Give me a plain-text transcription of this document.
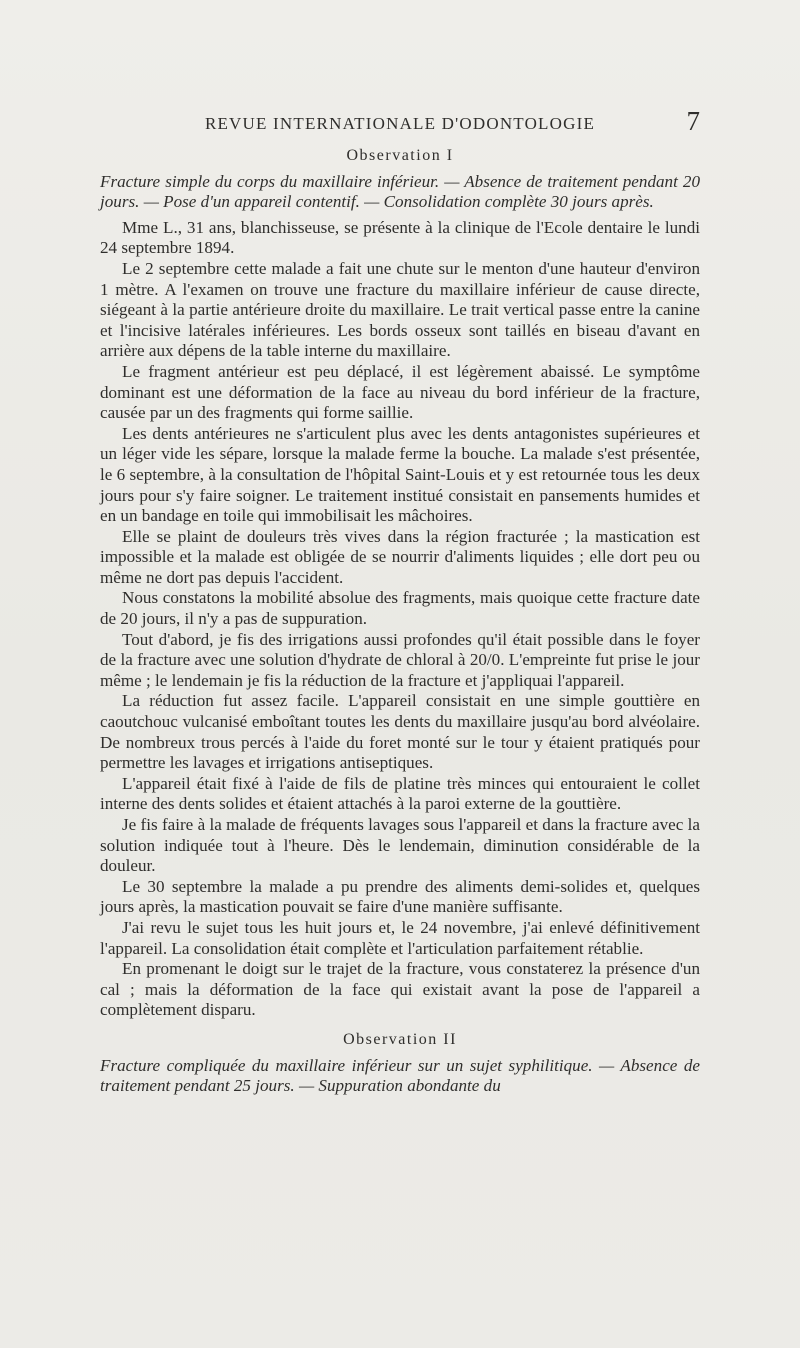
REVUE INTERNATIONALE D'ODONTOLOGIE	7
Observation I

Fracture simple du corps du maxillaire inférieur. — Absence de traitement pendant 20 jours. — Pose d'un appareil contentif. — Consolidation complète 30 jours après.

Mme L., 31 ans, blanchisseuse, se présente à la clinique de l'Ecole dentaire le lundi 24 septembre 1894.

Le 2 septembre cette malade a fait une chute sur le menton d'une hauteur d'environ 1 mètre. A l'examen on trouve une fracture du maxillaire inférieur de cause directe, siégeant à la partie antérieure droite du maxillaire. Le trait vertical passe entre la canine et l'incisive latérales inférieures. Les bords osseux sont taillés en biseau d'avant en arrière aux dépens de la table interne du maxillaire.

Le fragment antérieur est peu déplacé, il est légèrement abaissé. Le symptôme dominant est une déformation de la face au niveau du bord inférieur de la fracture, causée par un des fragments qui forme saillie.

Les dents antérieures ne s'articulent plus avec les dents antagonistes supérieures et un léger vide les sépare, lorsque la malade ferme la bouche. La malade s'est présentée, le 6 septembre, à la consultation de l'hôpital Saint-Louis et y est retournée tous les deux jours pour s'y faire soigner. Le traitement institué consistait en pansements humides et en un bandage en toile qui immobilisait les mâchoires.

Elle se plaint de douleurs très vives dans la région fracturée ; la mastication est impossible et la malade est obligée de se nourrir d'aliments liquides ; elle dort peu ou même ne dort pas depuis l'accident.

Nous constatons la mobilité absolue des fragments, mais quoique cette fracture date de 20 jours, il n'y a pas de suppuration.

Tout d'abord, je fis des irrigations aussi profondes qu'il était possible dans le foyer de la fracture avec une solution d'hydrate de chloral à 20/0. L'empreinte fut prise le jour même ; le lendemain je fis la réduction de la fracture et j'appliquai l'appareil.

La réduction fut assez facile. L'appareil consistait en une simple gouttière en caoutchouc vulcanisé emboîtant toutes les dents du maxillaire jusqu'au bord alvéolaire. De nombreux trous percés à l'aide du foret monté sur le tour y étaient pratiqués pour permettre les lavages et irrigations antiseptiques.

L'appareil était fixé à l'aide de fils de platine très minces qui entouraient le collet interne des dents solides et étaient attachés à la paroi externe de la gouttière.

Je fis faire à la malade de fréquents lavages sous l'appareil et dans la fracture avec la solution indiquée tout à l'heure. Dès le lendemain, diminution considérable de la douleur.

Le 30 septembre la malade a pu prendre des aliments demi-solides et, quelques jours après, la mastication pouvait se faire d'une manière suffisante.

J'ai revu le sujet tous les huit jours et, le 24 novembre, j'ai enlevé définitivement l'appareil. La consolidation était complète et l'articulation parfaitement rétablie.

En promenant le doigt sur le trajet de la fracture, vous constaterez la présence d'un cal ; mais la déformation de la face qui existait avant la pose de l'appareil a complètement disparu.

Observation II

Fracture compliquée du maxillaire inférieur sur un sujet syphilitique. — Absence de traitement pendant 25 jours. — Suppuration abondante du
